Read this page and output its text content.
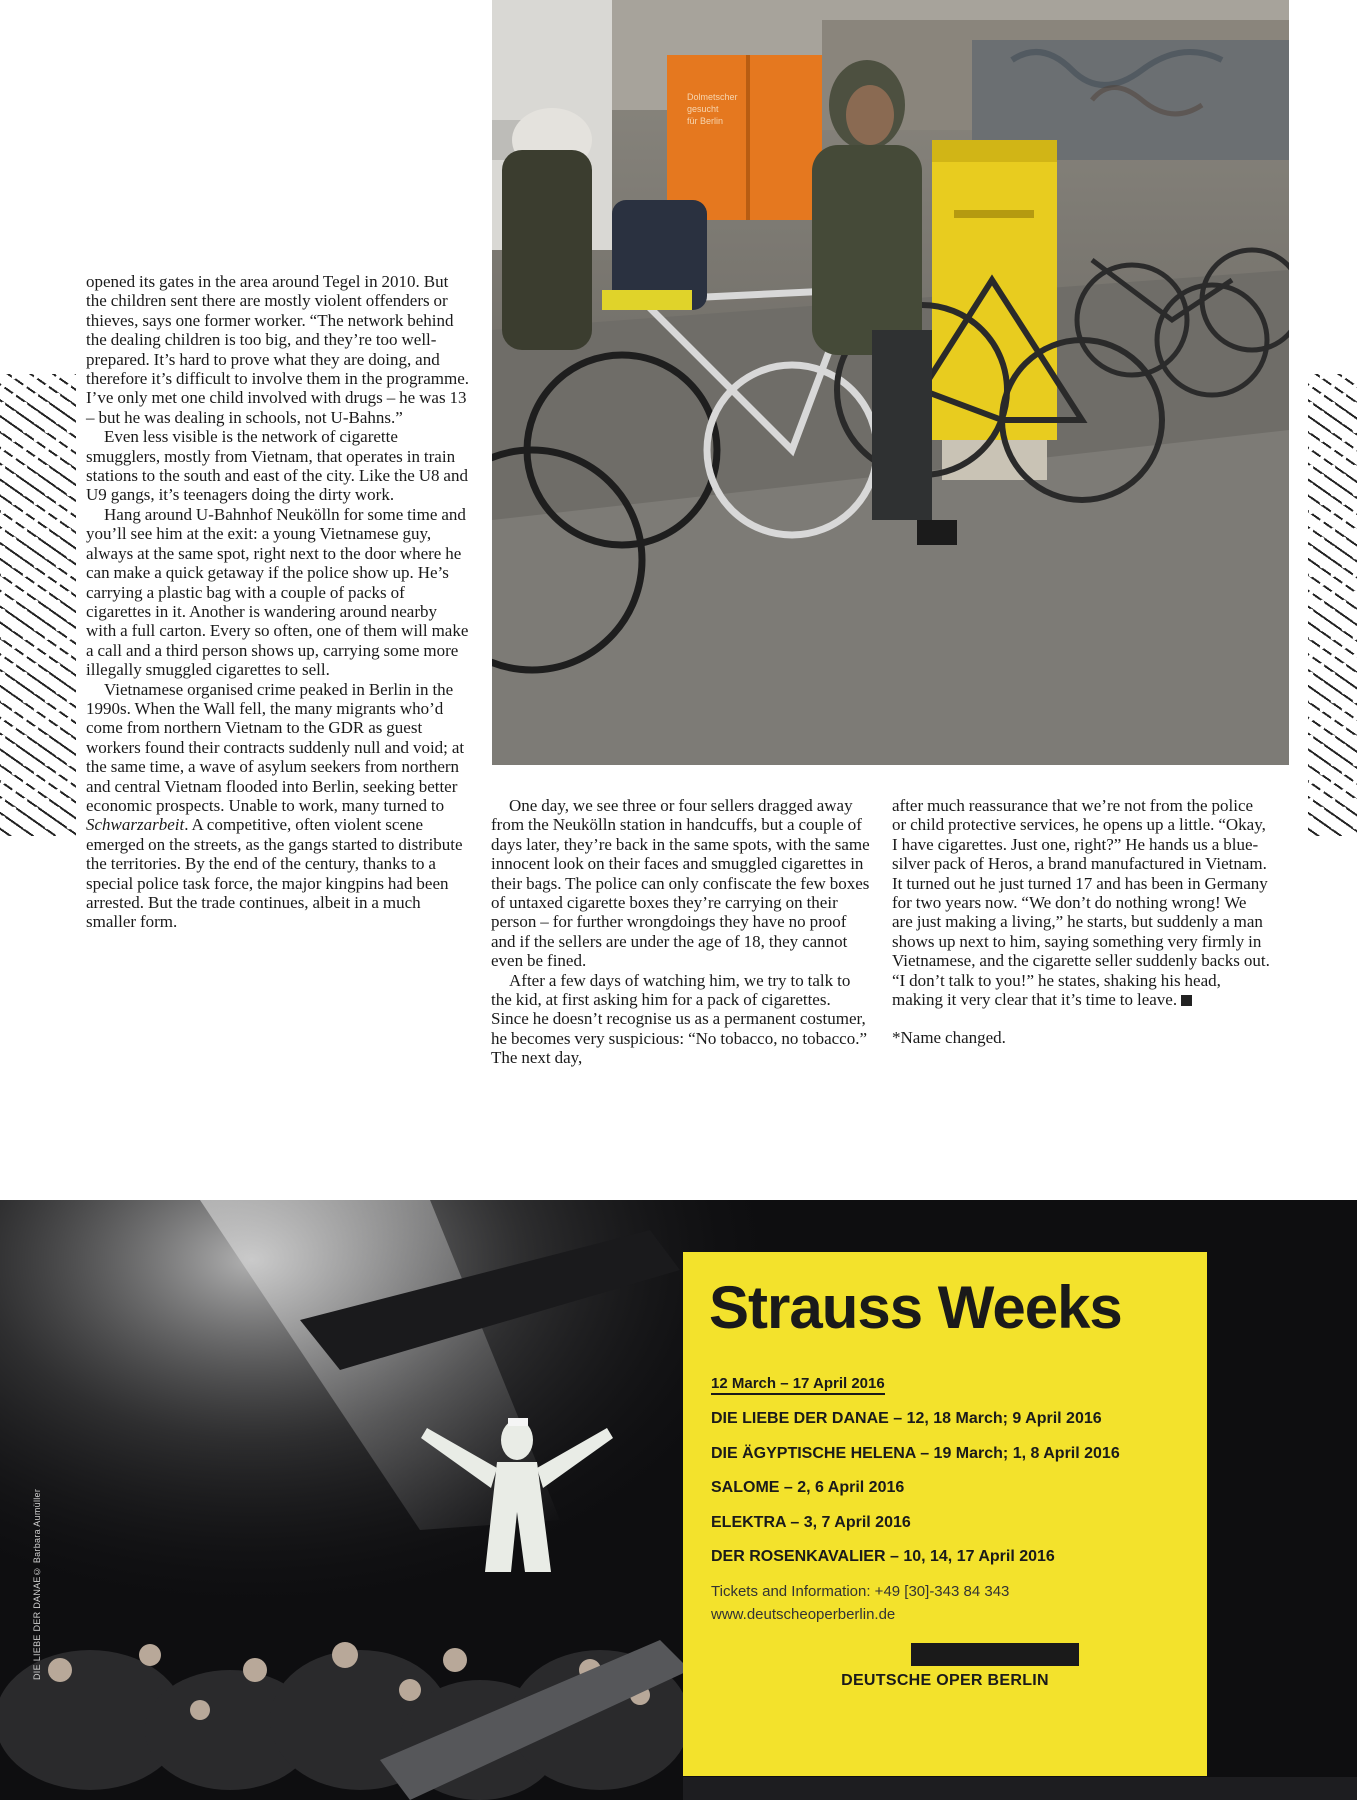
Dolmetscher
gesucht
für Berlin

opened its gates in the area around Tegel in 2010. But the children sent there are mostly violent offenders or thieves, says one former worker. “The network behind the dealing children is too big, and they’re too well-prepared. It’s hard to prove what they are doing, and therefore it’s difficult to involve them in the programme. I’ve only met one child involved with drugs – he was 13 – but he was dealing in schools, not U-Bahns.”

Even less visible is the network of cigarette smugglers, mostly from Vietnam, that operates in train stations to the south and east of the city. Like the U8 and U9 gangs, it’s teenagers doing the dirty work.

Hang around U-Bahnhof Neukölln for some time and you’ll see him at the exit: a young Vietnamese guy, always at the same spot, right next to the door where he can make a quick getaway if the police show up. He’s carrying a plastic bag with a couple of packs of cigarettes in it. Another is wandering around nearby with a full carton. Every so often, one of them will make a call and a third person shows up, carrying some more illegally smuggled cigarettes to sell.

Vietnamese organised crime peaked in Berlin in the 1990s. When the Wall fell, the many migrants who’d come from northern Vietnam to the GDR as guest workers found their contracts suddenly null and void; at the same time, a wave of asylum seekers from northern and central Vietnam flooded into Berlin, seeking better economic prospects. Unable to work, many turned to Schwarzarbeit. A competitive, often violent scene emerged on the streets, as the gangs started to distribute the territories. By the end of the century, thanks to a special police task force, the major kingpins had been arrested. But the trade continues, albeit in a much smaller form.

One day, we see three or four sellers dragged away from the Neukölln station in handcuffs, but a couple of days later, they’re back in the same spots, with the same innocent look on their faces and smuggled cigarettes in their bags. The police can only confiscate the few boxes of untaxed cigarette boxes they’re carrying on their person – for further wrongdoings they have no proof and if the sellers are under the age of 18, they cannot even be fined.

After a few days of watching him, we try to talk to the kid, at first asking him for a pack of cigarettes. Since he doesn’t recognise us as a permanent costumer, he becomes very suspicious: “No tobacco, no tobacco.” The next day,

after much reassurance that we’re not from the police or child protective services, he opens up a little. “Okay, I have cigarettes. Just one, right?” He hands us a blue-silver pack of Heros, a brand manufactured in Vietnam. It turned out he just turned 17 and has been in Germany for two years now. “We don’t do nothing wrong! We are just making a living,” he starts, but suddenly a man shows up next to him, saying something very firmly in Vietnamese, and the cigarette seller suddenly backs out. “I don’t talk to you!” he states, shaking his head, making it very clear that it’s time to leave.

*Name changed.

DIE LIEBE DER DANAE© Barbara Aumüller
Strauss Weeks
12 March – 17 April 2016
DIE LIEBE DER DANAE – 12, 18 March; 9 April 2016
DIE ÄGYPTISCHE HELENA – 19 March; 1, 8 April 2016
SALOME – 2, 6 April 2016
ELEKTRA – 3, 7 April 2016
DER ROSENKAVALIER – 10, 14, 17 April 2016
Tickets and Information: +49 [30]-343 84 343
www.deutscheoperberlin.de
DEUTSCHE OPER BERLIN
